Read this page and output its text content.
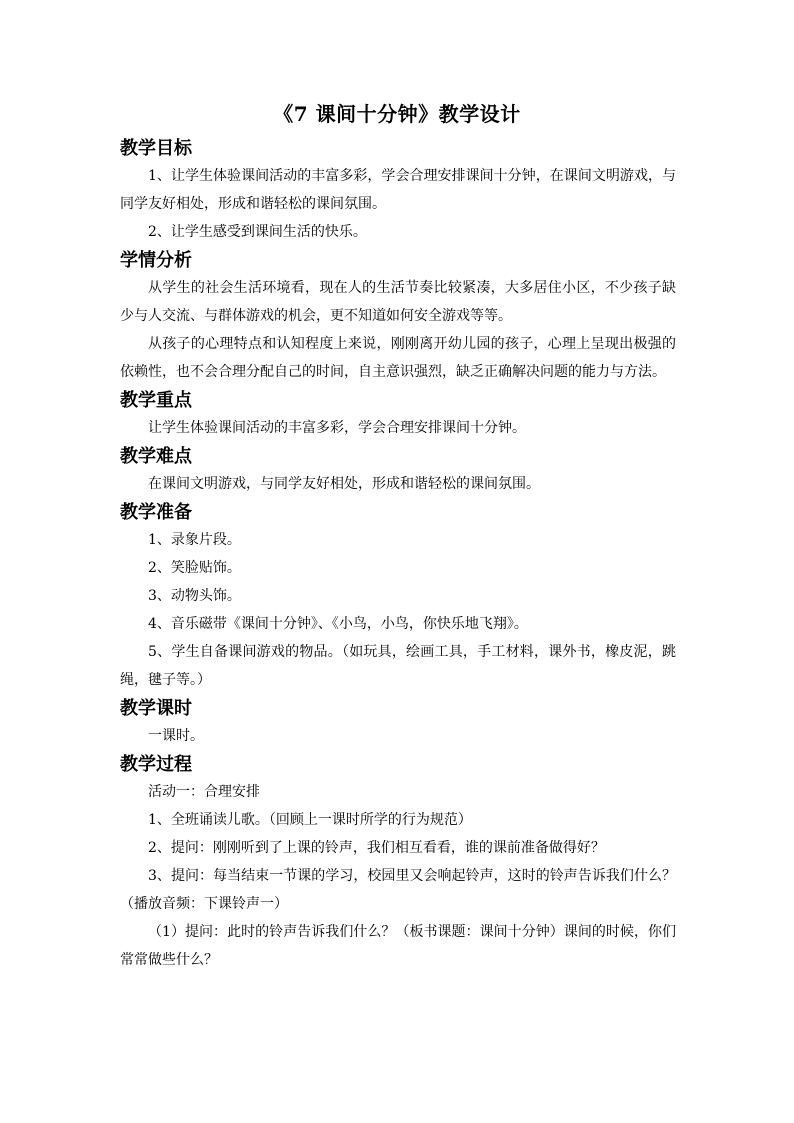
《7 课间十分钟》教学设计

教学目标

1、让学生体验课间活动的丰富多彩，学会合理安排课间十分钟，在课间文明游戏，与同学友好相处，形成和谐轻松的课间氛围。

2、让学生感受到课间生活的快乐。

学情分析

从学生的社会生活环境看，现在人的生活节奏比较紧凑，大多居住小区，不少孩子缺少与人交流、与群体游戏的机会，更不知道如何安全游戏等等。

从孩子的心理特点和认知程度上来说，刚刚离开幼儿园的孩子，心理上呈现出极强的依赖性，也不会合理分配自己的时间，自主意识强烈，缺乏正确解决问题的能力与方法。

教学重点

让学生体验课间活动的丰富多彩，学会合理安排课间十分钟。

教学难点

在课间文明游戏，与同学友好相处，形成和谐轻松的课间氛围。

教学准备

1、录象片段。

2、笑脸贴饰。

3、动物头饰。

4、音乐磁带《课间十分钟》、《小鸟，小鸟，你快乐地飞翔》。

5、学生自备课间游戏的物品。（如玩具，绘画工具，手工材料，课外书，橡皮泥，跳绳，毽子等。）

教学课时

一课时。

教学过程

活动一：合理安排

1、全班诵读儿歌。（回顾上一课时所学的行为规范）

2、提问：刚刚听到了上课的铃声，我们相互看看，谁的课前准备做得好？

3、提问：每当结束一节课的学习，校园里又会响起铃声，这时的铃声告诉我们什么？（播放音频：下课铃声一）

（1）提问：此时的铃声告诉我们什么？（板书课题：课间十分钟）课间的时候，你们常常做些什么？
